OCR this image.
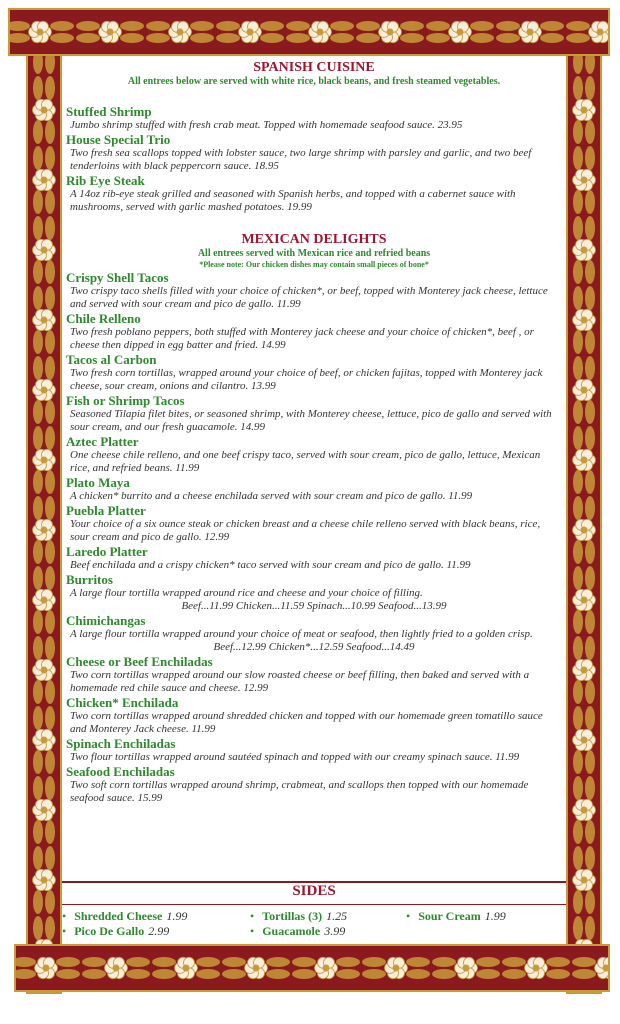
SPANISH CUISINE
All entrees below are served with white rice, black beans, and fresh steamed vegetables.
Stuffed Shrimp
Jumbo shrimp stuffed with fresh crab meat. Topped with homemade seafood sauce. 23.95
House Special Trio
Two fresh sea scallops topped with lobster sauce, two large shrimp with parsley and garlic, and two beef tenderloins with black peppercorn sauce. 18.95
Rib Eye Steak
A 14oz rib-eye steak grilled and seasoned with Spanish herbs, and topped with a cabernet sauce with mushrooms, served with garlic mashed potatoes. 19.99
MEXICAN DELIGHTS
All entrees served with Mexican rice and refried beans
*Please note: Our chicken dishes may contain small pieces of bone*
Crispy Shell Tacos
Two crispy taco shells filled with your choice of chicken*, or beef, topped with Monterey jack cheese, lettuce and served with sour cream and pico de gallo. 11.99
Chile Relleno
Two fresh poblano peppers, both stuffed with Monterey jack cheese and your choice of chicken*, beef , or cheese then dipped in egg batter and fried. 14.99
Tacos al Carbon
Two fresh corn tortillas, wrapped around your choice of beef, or chicken fajitas, topped with Monterey jack cheese, sour cream, onions and cilantro. 13.99
Fish or Shrimp Tacos
Seasoned Tilapia filet bites, or seasoned shrimp, with Monterey cheese, lettuce, pico de gallo and served with sour cream, and our fresh guacamole. 14.99
Aztec Platter
One cheese chile relleno, and one beef crispy taco, served with sour cream, pico de gallo, lettuce, Mexican rice, and refried beans. 11.99
Plato Maya
A chicken* burrito and a cheese enchilada served with sour cream and pico de gallo. 11.99
Puebla Platter
Your choice of a six ounce steak or chicken breast and a cheese chile relleno served with black beans, rice, sour cream and pico de gallo. 12.99
Laredo Platter
Beef enchilada and a crispy chicken* taco served with sour cream and pico de gallo. 11.99
Burritos
A large flour tortilla wrapped around rice and cheese and your choice of filling.
Beef...11.99 Chicken...11.59 Spinach...10.99 Seafood...13.99
Chimichangas
A large flour tortilla wrapped around your choice of meat or seafood, then lightly fried to a golden crisp.
Beef...12.99 Chicken*...12.59 Seafood...14.49
Cheese or Beef Enchiladas
Two corn tortillas wrapped around our slow roasted cheese or beef filling, then baked and served with a homemade red chile sauce and cheese. 12.99
Chicken* Enchilada
Two corn tortillas wrapped around shredded chicken and topped with our homemade green tomatillo sauce and Monterey Jack cheese. 11.99
Spinach Enchiladas
Two flour tortillas wrapped around sautéed spinach and topped with our creamy spinach sauce. 11.99
Seafood Enchiladas
Two soft corn tortillas wrapped around shrimp, crabmeat, and scallops then topped with our homemade seafood sauce. 15.99
SIDES
• Shredded Cheese 1.99
• Pico De Gallo 2.99
• Tortillas (3) 1.25
• Guacamole 3.99
• Sour Cream 1.99
